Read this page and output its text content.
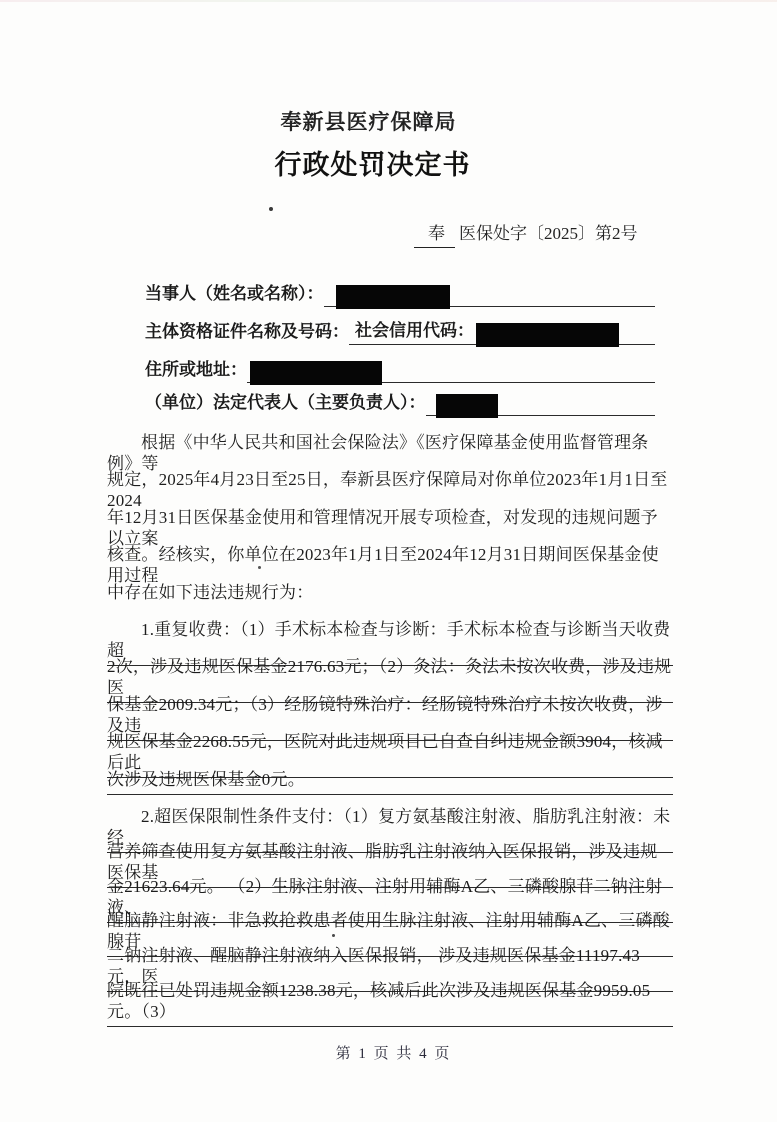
奉新县医疗保障局
行政处罚决定书
奉 医保处字〔2025〕第2号
当事人（姓名或名称）：
主体资格证件名称及号码： 社会信用代码：
住所或地址：
（单位）法定代表人（主要负责人）：
根据《中华人民共和国社会保险法》《医疗保障基金使用监督管理条例》等
规定，2025年4月23日至25日，奉新县医疗保障局对你单位2023年1月1日至2024
年12月31日医保基金使用和管理情况开展专项检查，对发现的违规问题予以立案
核查。经核实，你单位在2023年1月1日至2024年12月31日期间医保基金使用过程
中存在如下违法违规行为：
1.重复收费：（1）手术标本检查与诊断：手术标本检查与诊断当天收费超
2次，涉及违规医保基金2176.63元；（2）灸法：灸法未按次收费，涉及违规医
保基金2009.34元；（3）经肠镜特殊治疗：经肠镜特殊治疗未按次收费，涉及违
规医保基金2268.55元，医院对此违规项目已自查自纠违规金额3904，核减后此
次涉及违规医保基金0元。
2.超医保限制性条件支付：（1）复方氨基酸注射液、脂肪乳注射液：未经
营养筛查使用复方氨基酸注射液、脂肪乳注射液纳入医保报销，涉及违规医保基
金21623.64元。 （2）生脉注射液、注射用辅酶A乙、三磷酸腺苷二钠注射液、
醒脑静注射液：非急救抢救患者使用生脉注射液、注射用辅酶A乙、三磷酸腺苷
二钠注射液、醒脑静注射液纳入医保报销， 涉及违规医保基金11197.43元，医
院既往已处罚违规金额1238.38元，核减后此次涉及违规医保基金9959.05元。（3）
第 1 页 共 4 页
